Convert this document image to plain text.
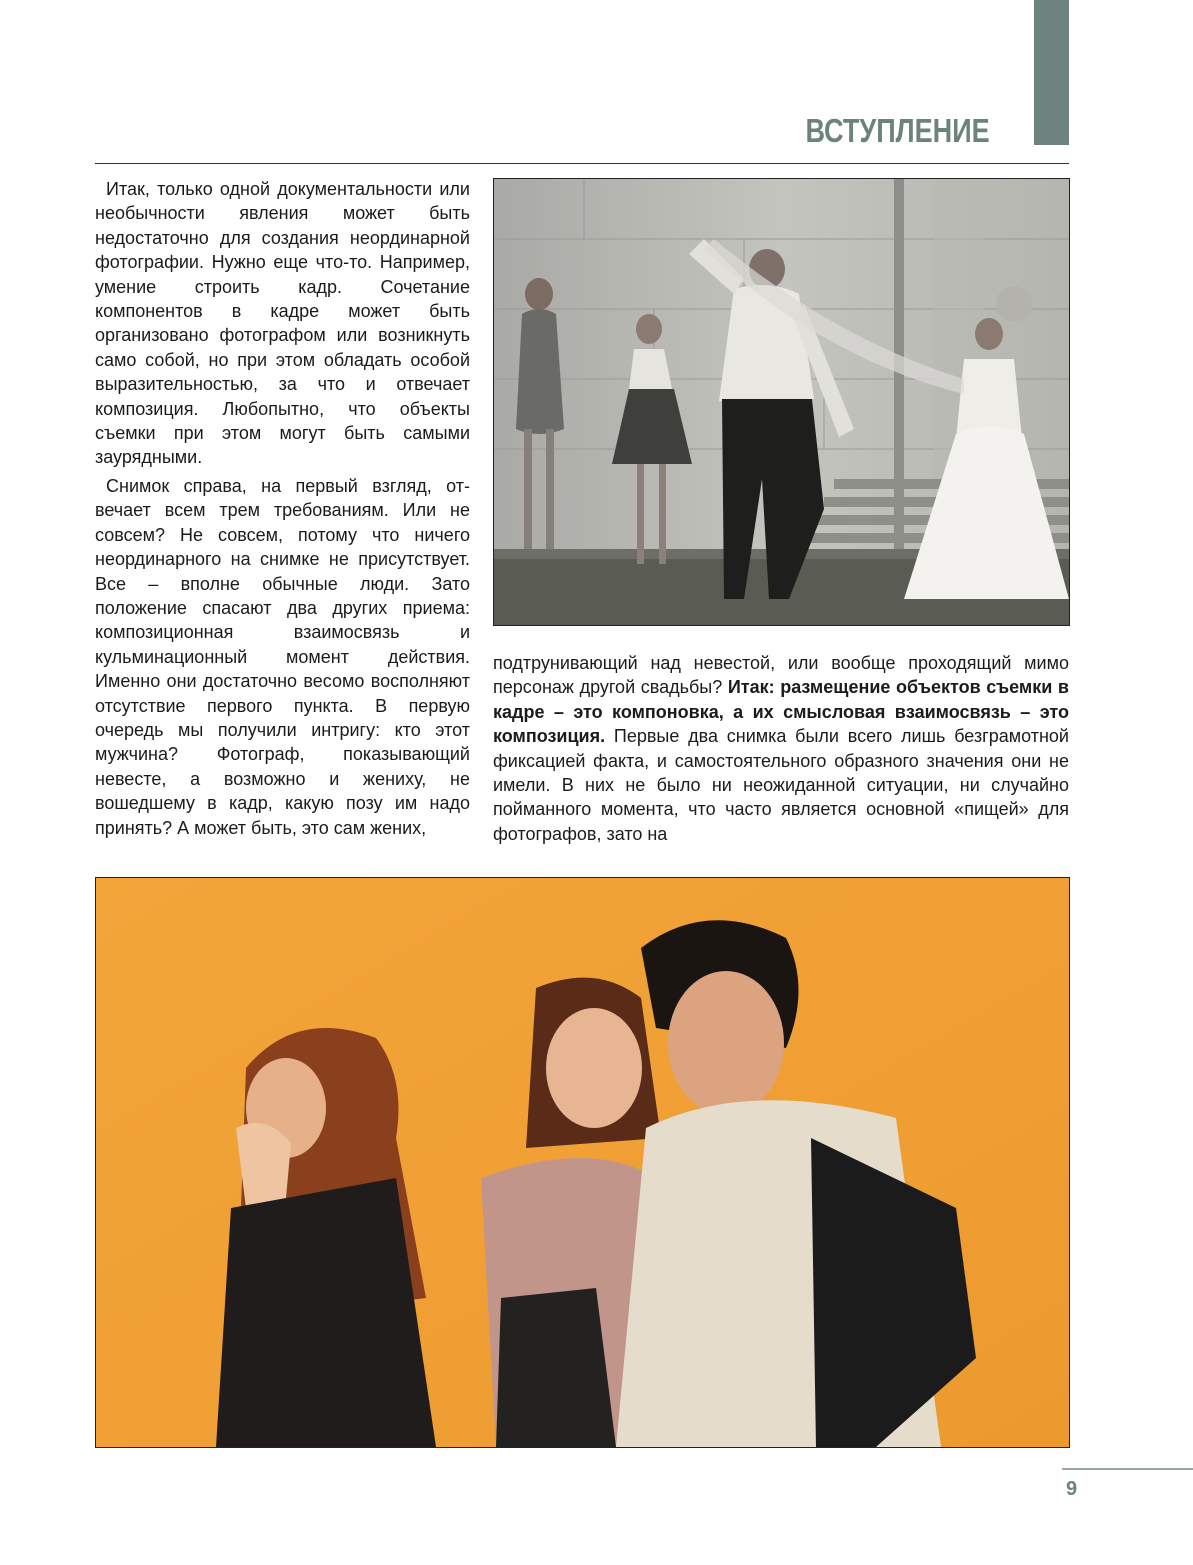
ВСТУПЛЕНИЕ

Итак, только одной документальности или необычности явления может быть недостаточно для создания неординарной фотографии. Нужно еще что-то. Например, умение строить кадр. Сочетание компонентов в кадре может быть организовано фотографом или возникнуть само собой, но при этом обладать особой выразительностью, за что и отвечает композиция. Любопытно, что объекты съемки при этом могут быть самыми заурядными.

Снимок справа, на первый взгляд, отвечает всем трем требованиям. Или не совсем? Не совсем, потому что ничего неординарного на снимке не присутствует. Все – вполне обычные люди. Зато положение спасают два других приема: композиционная взаимосвязь и кульминационный момент действия. Именно они достаточно весомо восполняют отсутствие первого пункта. В первую очередь мы получили интригу: кто этот мужчина? Фотограф, показывающий невесте, а возможно и жениху, не вошедшему в кадр, какую позу им надо принять? А может быть, это сам жених,

подтрунивающий над невестой, или вообще проходящий мимо персонаж другой свадьбы? Итак: размещение объектов съемки в кадре – это компоновка, а их смысловая взаимосвязь – это композиция. Первые два снимка были всего лишь безграмотной фиксацией факта, и самостоятельного образного значения они не имели. В них не было ни неожиданной ситуации, ни случайно пойманного момента, что часто является основной «пищей» для фотографов, зато на

9
